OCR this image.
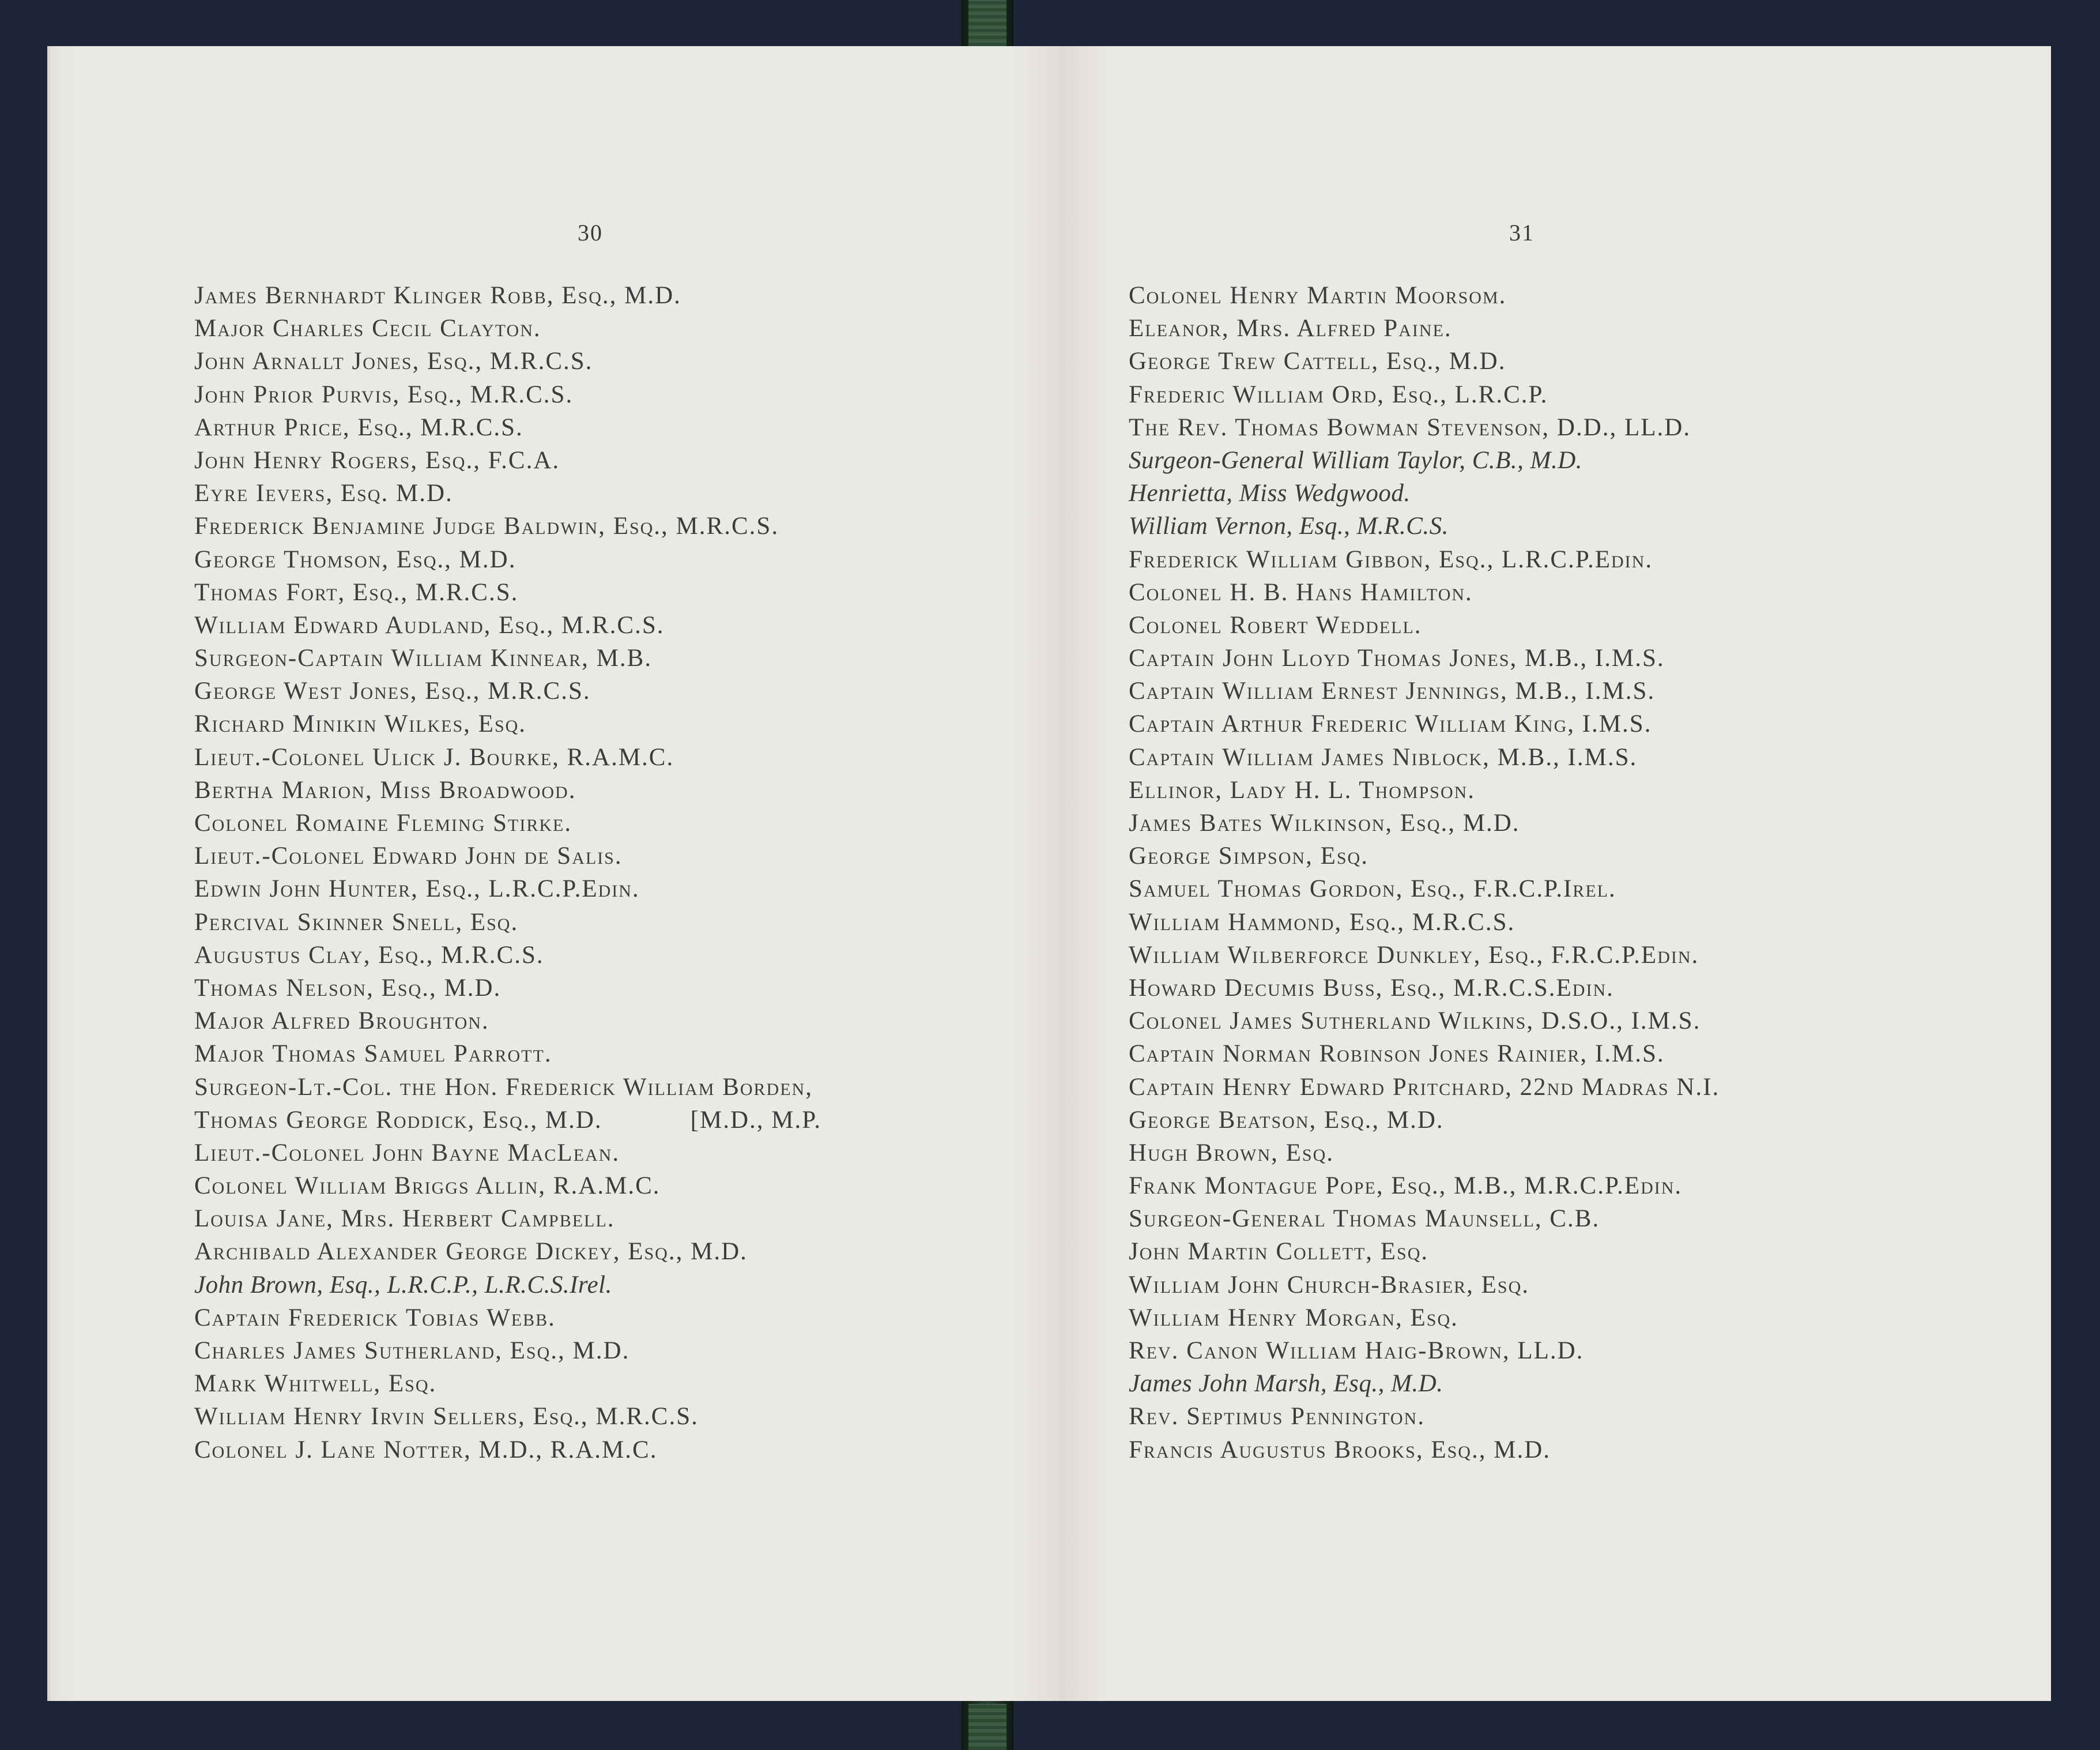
30
James Bernhardt Klinger Robb, Esq., M.D.
Major Charles Cecil Clayton.
John Arnallt Jones, Esq., M.R.C.S.
John Prior Purvis, Esq., M.R.C.S.
Arthur Price, Esq., M.R.C.S.
John Henry Rogers, Esq., F.C.A.
Eyre Ievers, Esq. M.D.
Frederick Benjamine Judge Baldwin, Esq., M.R.C.S.
George Thomson, Esq., M.D.
Thomas Fort, Esq., M.R.C.S.
William Edward Audland, Esq., M.R.C.S.
Surgeon-Captain William Kinnear, M.B.
George West Jones, Esq., M.R.C.S.
Richard Minikin Wilkes, Esq.
Lieut.-Colonel Ulick J. Bourke, R.A.M.C.
Bertha Marion, Miss Broadwood.
Colonel Romaine Fleming Stirke.
Lieut.-Colonel Edward John de Salis.
Edwin John Hunter, Esq., L.R.C.P.Edin.
Percival Skinner Snell, Esq.
Augustus Clay, Esq., M.R.C.S.
Thomas Nelson, Esq., M.D.
Major Alfred Broughton.
Major Thomas Samuel Parrott.
Surgeon-Lt.-Col. the Hon. Frederick William Borden,
Thomas George Roddick, Esq., M.D.            [M.D., M.P.
Lieut.-Colonel John Bayne MacLean.
Colonel William Briggs Allin, R.A.M.C.
Louisa Jane, Mrs. Herbert Campbell.
Archibald Alexander George Dickey, Esq., M.D.
John Brown, Esq., L.R.C.P., L.R.C.S.Irel.
Captain Frederick Tobias Webb.
Charles James Sutherland, Esq., M.D.
Mark Whitwell, Esq.
William Henry Irvin Sellers, Esq., M.R.C.S.
Colonel J. Lane Notter, M.D., R.A.M.C.
31
Colonel Henry Martin Moorsom.
Eleanor, Mrs. Alfred Paine.
George Trew Cattell, Esq., M.D.
Frederic William Ord, Esq., L.R.C.P.
The Rev. Thomas Bowman Stevenson, D.D., LL.D.
Surgeon-General William Taylor, C.B., M.D.
Henrietta, Miss Wedgwood.
William Vernon, Esq., M.R.C.S.
Frederick William Gibbon, Esq., L.R.C.P.Edin.
Colonel H. B. Hans Hamilton.
Colonel Robert Weddell.
Captain John Lloyd Thomas Jones, M.B., I.M.S.
Captain William Ernest Jennings, M.B., I.M.S.
Captain Arthur Frederic William King, I.M.S.
Captain William James Niblock, M.B., I.M.S.
Ellinor, Lady H. L. Thompson.
James Bates Wilkinson, Esq., M.D.
George Simpson, Esq.
Samuel Thomas Gordon, Esq., F.R.C.P.Irel.
William Hammond, Esq., M.R.C.S.
William Wilberforce Dunkley, Esq., F.R.C.P.Edin.
Howard Decumis Buss, Esq., M.R.C.S.Edin.
Colonel James Sutherland Wilkins, D.S.O., I.M.S.
Captain Norman Robinson Jones Rainier, I.M.S.
Captain Henry Edward Pritchard, 22nd Madras N.I.
George Beatson, Esq., M.D.
Hugh Brown, Esq.
Frank Montague Pope, Esq., M.B., M.R.C.P.Edin.
Surgeon-General Thomas Maunsell, C.B.
John Martin Collett, Esq.
William John Church-Brasier, Esq.
William Henry Morgan, Esq.
Rev. Canon William Haig-Brown, LL.D.
James John Marsh, Esq., M.D.
Rev. Septimus Pennington.
Francis Augustus Brooks, Esq., M.D.
